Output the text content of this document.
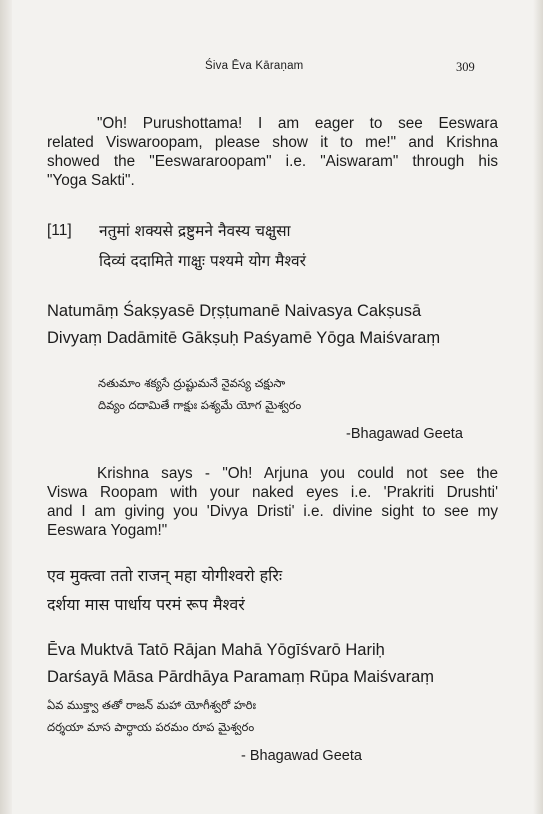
Śiva Ēva Kāraṇam	309
"Oh! Purushottama! I am eager to see Eeswara
related Viswaroopam, please show it to me!" and Krishna
showed the "Eeswararoopam" i.e. "Aiswaram" through his
"Yoga Sakti".
[11] नतुमां शक्यसे द्रष्टुमने नैवस्य चक्षुसा
दिव्यं ददामिते गाक्षुः पश्यमे योग मैश्वरं
Natumāṃ Śakṣyasē Dṛṣṭumanē Naivasya Cakṣusā
Divyaṃ Dadāmitē Gākṣuḥ Paśyamē Yōga Maiśvaraṃ
నతుమాం శక్యసే ద్రుష్టుమనే నైవస్య చక్షుసా
దివ్యం దదామితే గాక్షుః పశ్యమే యోగ మైశ్వరం
-Bhagawad Geeta
Krishna says - "Oh! Arjuna you could not see the
Viswa Roopam with your naked eyes i.e. 'Prakriti Drushti'
and I am giving you 'Divya Dristi' i.e. divine sight to see my
Eeswara Yogam!"
एव मुक्त्वा ततो राजन् महा योगीश्वरो हरिः
दर्शया मास पार्धाय परमं रूप मैश्वरं
Ēva Muktvā Tatō Rājan Mahā Yōgīśvarō Hariḥ
Darśayā Māsa Pārdhāya Paramaṃ Rūpa Maiśvaraṃ
ఏవ ముక్త్వా తతో రాజన్ మహా యోగీశ్వరో హరిః
దర్శయా మాస పార్ధాయ పరమం రూప మైశ్వరం
- Bhagawad Geeta
